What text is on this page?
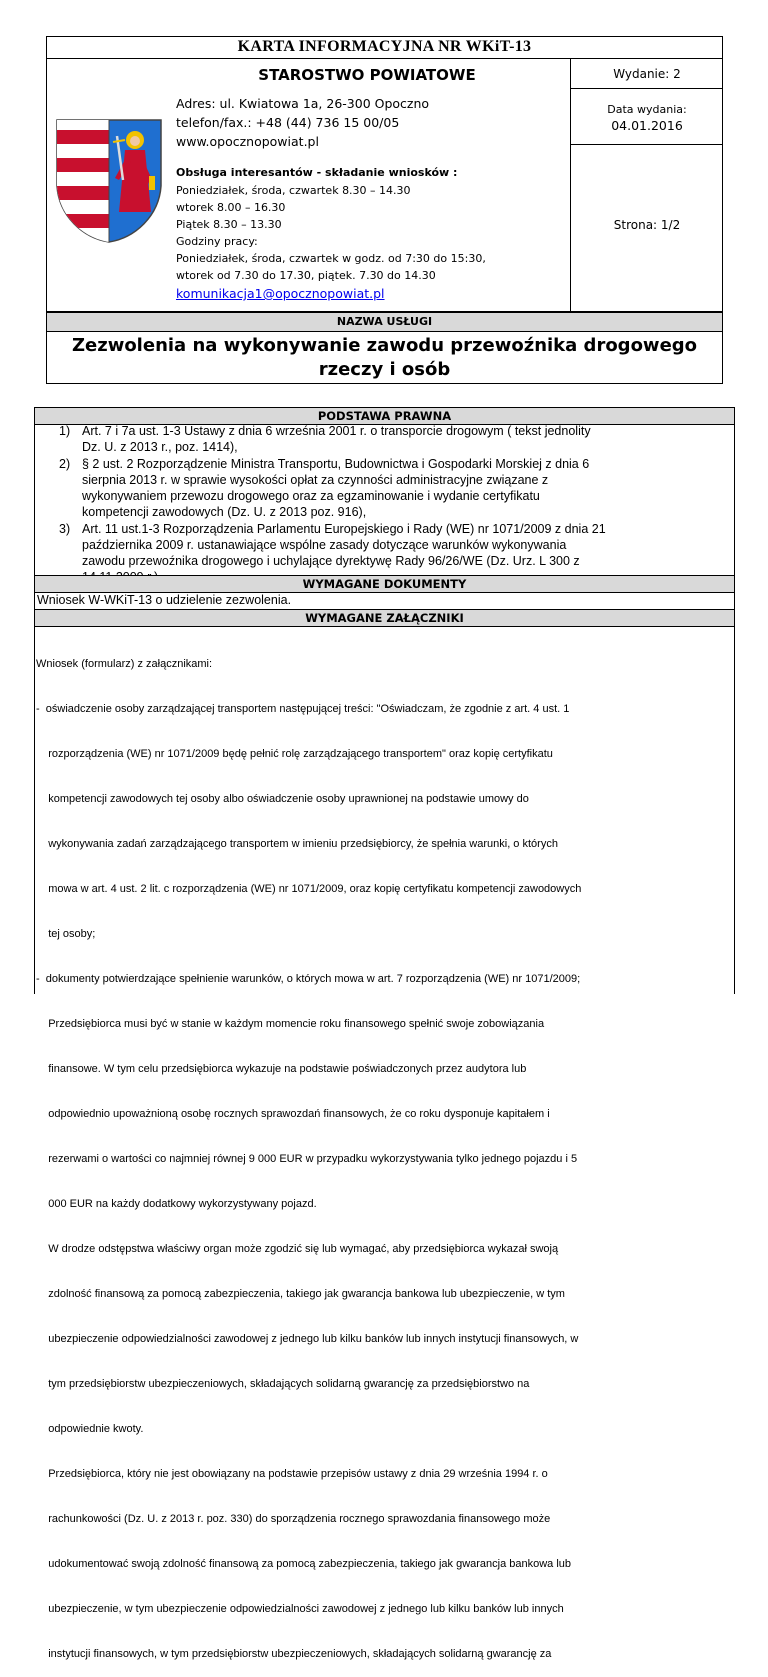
KARTA INFORMACYJNA NR WKiT-13
STAROSTWO POWIATOWE
Adres: ul. Kwiatowa 1a, 26-300 Opoczno
telefon/fax.: +48 (44) 736 15 00/05
www.opocznopowiat.pl
Obsługa interesantów - składanie wniosków :
Poniedziałek, środa, czwartek 8.30 – 14.30
wtorek 8.00 – 16.30
Piątek 8.30 – 13.30
Godziny pracy:
Poniedziałek, środa, czwartek w godz. od 7:30 do 15:30,
wtorek od 7.30 do 17.30, piątek. 7.30 do 14.30
komunikacja1@opocznopowiat.pl
Wydanie: 2
Data wydania:
04.01.2016
Strona: 1/2
NAZWA USŁUGI
Zezwolenia na wykonywanie zawodu przewoźnika drogowego
rzeczy i osób
PODSTAWA PRAWNA
1) Art. 7 i 7a ust. 1-3 Ustawy z dnia 6 września 2001 r. o transporcie drogowym ( tekst jednolity
Dz. U. z 2013 r., poz. 1414),
2) § 2 ust. 2 Rozporządzenie Ministra Transportu, Budownictwa i Gospodarki Morskiej z dnia 6
sierpnia 2013 r. w sprawie wysokości opłat za czynności administracyjne związane z
wykonywaniem przewozu drogowego oraz za egzaminowanie i wydanie certyfikatu
kompetencji zawodowych (Dz. U. z 2013 poz. 916),
3) Art. 11 ust.1-3 Rozporządzenia Parlamentu Europejskiego i Rady (WE) nr 1071/2009 z dnia 21
października 2009 r. ustanawiające wspólne zasady dotyczące warunków wykonywania
zawodu przewoźnika drogowego i uchylające dyrektywę Rady 96/26/WE (Dz. Urz. L 300 z
WYMAGANE DOKUMENTY
Wniosek W-WKiT-13 o udzielenie zezwolenia.
WYMAGANE ZAŁĄCZNIKI

Wniosek (formularz) z załącznikami:

-  oświadczenie osoby zarządzającej transportem następującej treści: "Oświadczam, że zgodnie z art. 4 ust. 1

rozporządzenia (WE) nr 1071/2009 będę pełnić rolę zarządzającego transportem" oraz kopię certyfikatu

kompetencji zawodowych tej osoby albo oświadczenie osoby uprawnionej na podstawie umowy do

wykonywania zadań zarządzającego transportem w imieniu przedsiębiorcy, że spełnia warunki, o których

mowa w art. 4 ust. 2 lit. c rozporządzenia (WE) nr 1071/2009, oraz kopię certyfikatu kompetencji zawodowych

tej osoby;

-  dokumenty potwierdzające spełnienie warunków, o których mowa w art. 7 rozporządzenia (WE) nr 1071/2009;

Przedsiębiorca musi być w stanie w każdym momencie roku finansowego spełnić swoje zobowiązania

finansowe. W tym celu przedsiębiorca wykazuje na podstawie poświadczonych przez audytora lub

odpowiednio upoważnioną osobę rocznych sprawozdań finansowych, że co roku dysponuje kapitałem i

rezerwami o wartości co najmniej równej 9 000 EUR w przypadku wykorzystywania tylko jednego pojazdu i 5

000 EUR na każdy dodatkowy wykorzystywany pojazd.

W drodze odstępstwa właściwy organ może zgodzić się lub wymagać, aby przedsiębiorca wykazał swoją

zdolność finansową za pomocą zabezpieczenia, takiego jak gwarancja bankowa lub ubezpieczenie, w tym

ubezpieczenie odpowiedzialności zawodowej z jednego lub kilku banków lub innych instytucji finansowych, w

tym przedsiębiorstw ubezpieczeniowych, składających solidarną gwarancję za przedsiębiorstwo na

odpowiednie kwoty.

Przedsiębiorca, który nie jest obowiązany na podstawie przepisów ustawy z dnia 29 września 1994 r. o

rachunkowości (Dz. U. z 2013 r. poz. 330) do sporządzenia rocznego sprawozdania finansowego może

udokumentować swoją zdolność finansową za pomocą zabezpieczenia, takiego jak gwarancja bankowa lub

ubezpieczenie, w tym ubezpieczenie odpowiedzialności zawodowej z jednego lub kilku banków lub innych

instytucji finansowych, w tym przedsiębiorstw ubezpieczeniowych, składających solidarną gwarancję za
